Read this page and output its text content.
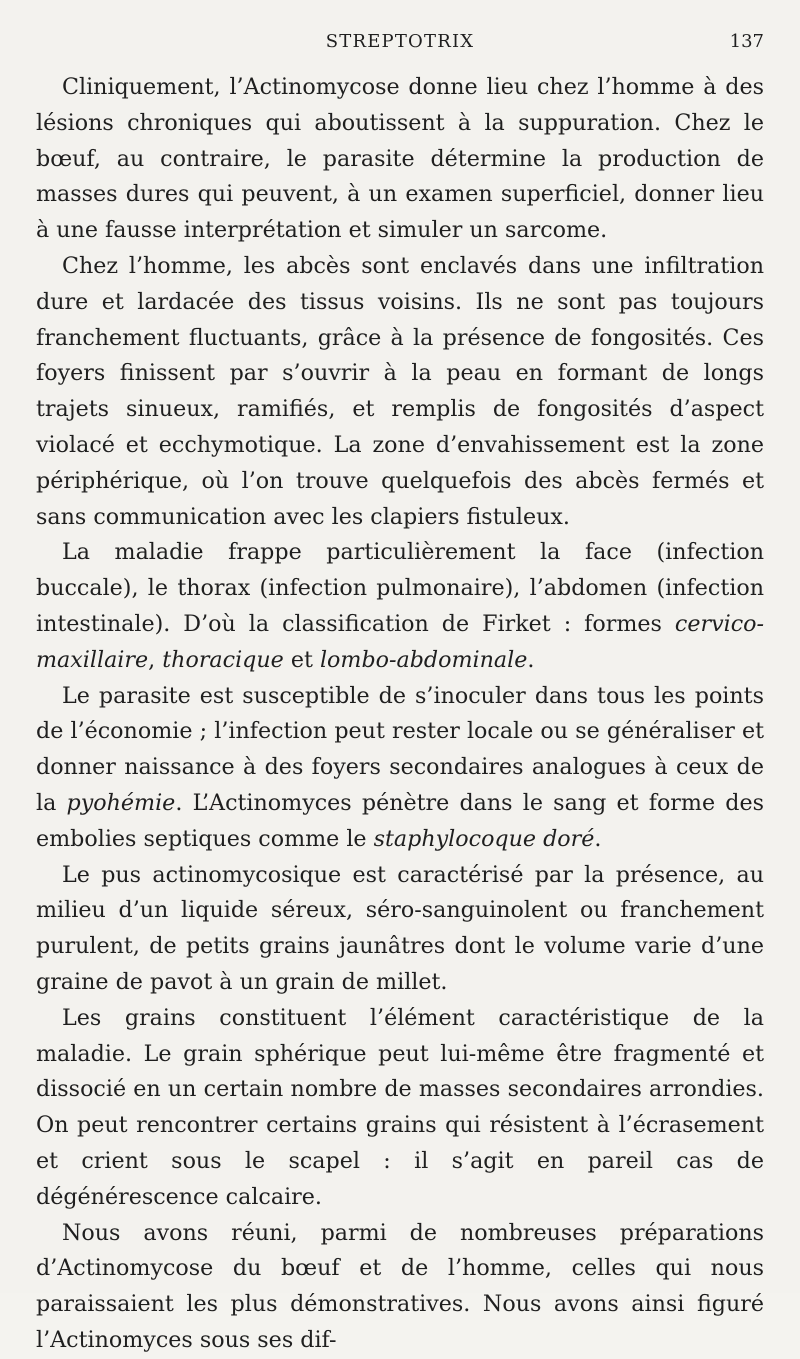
STREPTOTRIX	137

Cliniquement, l’Actinomycose donne lieu chez l’homme à des lésions chroniques qui aboutissent à la suppuration. Chez le bœuf, au contraire, le parasite détermine la production de masses dures qui peuvent, à un examen superficiel, donner lieu à une fausse interprétation et simuler un sarcome.

Chez l’homme, les abcès sont enclavés dans une infiltration dure et lardacée des tissus voisins. Ils ne sont pas toujours franchement fluctuants, grâce à la présence de fongosités. Ces foyers finissent par s’ouvrir à la peau en formant de longs trajets sinueux, ramifiés, et remplis de fongosités d’aspect violacé et ecchymotique. La zone d’envahissement est la zone périphérique, où l’on trouve quelquefois des abcès fermés et sans communication avec les clapiers fistuleux.

La maladie frappe particulièrement la face (infection buccale), le thorax (infection pulmonaire), l’abdomen (infection intestinale). D’où la classification de Firket : formes cervico-maxillaire, thoracique et lombo-abdominale.

Le parasite est susceptible de s’inoculer dans tous les points de l’économie ; l’infection peut rester locale ou se généraliser et donner naissance à des foyers secondaires analogues à ceux de la pyohémie. L’Actinomyces pénètre dans le sang et forme des embolies septiques comme le staphylocoque doré.

Le pus actinomycosique est caractérisé par la présence, au milieu d’un liquide séreux, séro-sanguinolent ou franchement purulent, de petits grains jaunâtres dont le volume varie d’une graine de pavot à un grain de millet.

Les grains constituent l’élément caractéristique de la maladie. Le grain sphérique peut lui-même être fragmenté et dissocié en un certain nombre de masses secondaires arrondies. On peut rencontrer certains grains qui résistent à l’écrasement et crient sous le scapel : il s’agit en pareil cas de dégénérescence calcaire.

Nous avons réuni, parmi de nombreuses préparations d’Actinomycose du bœuf et de l’homme, celles qui nous paraissaient les plus démonstratives. Nous avons ainsi figuré l’Actinomyces sous ses dif-
